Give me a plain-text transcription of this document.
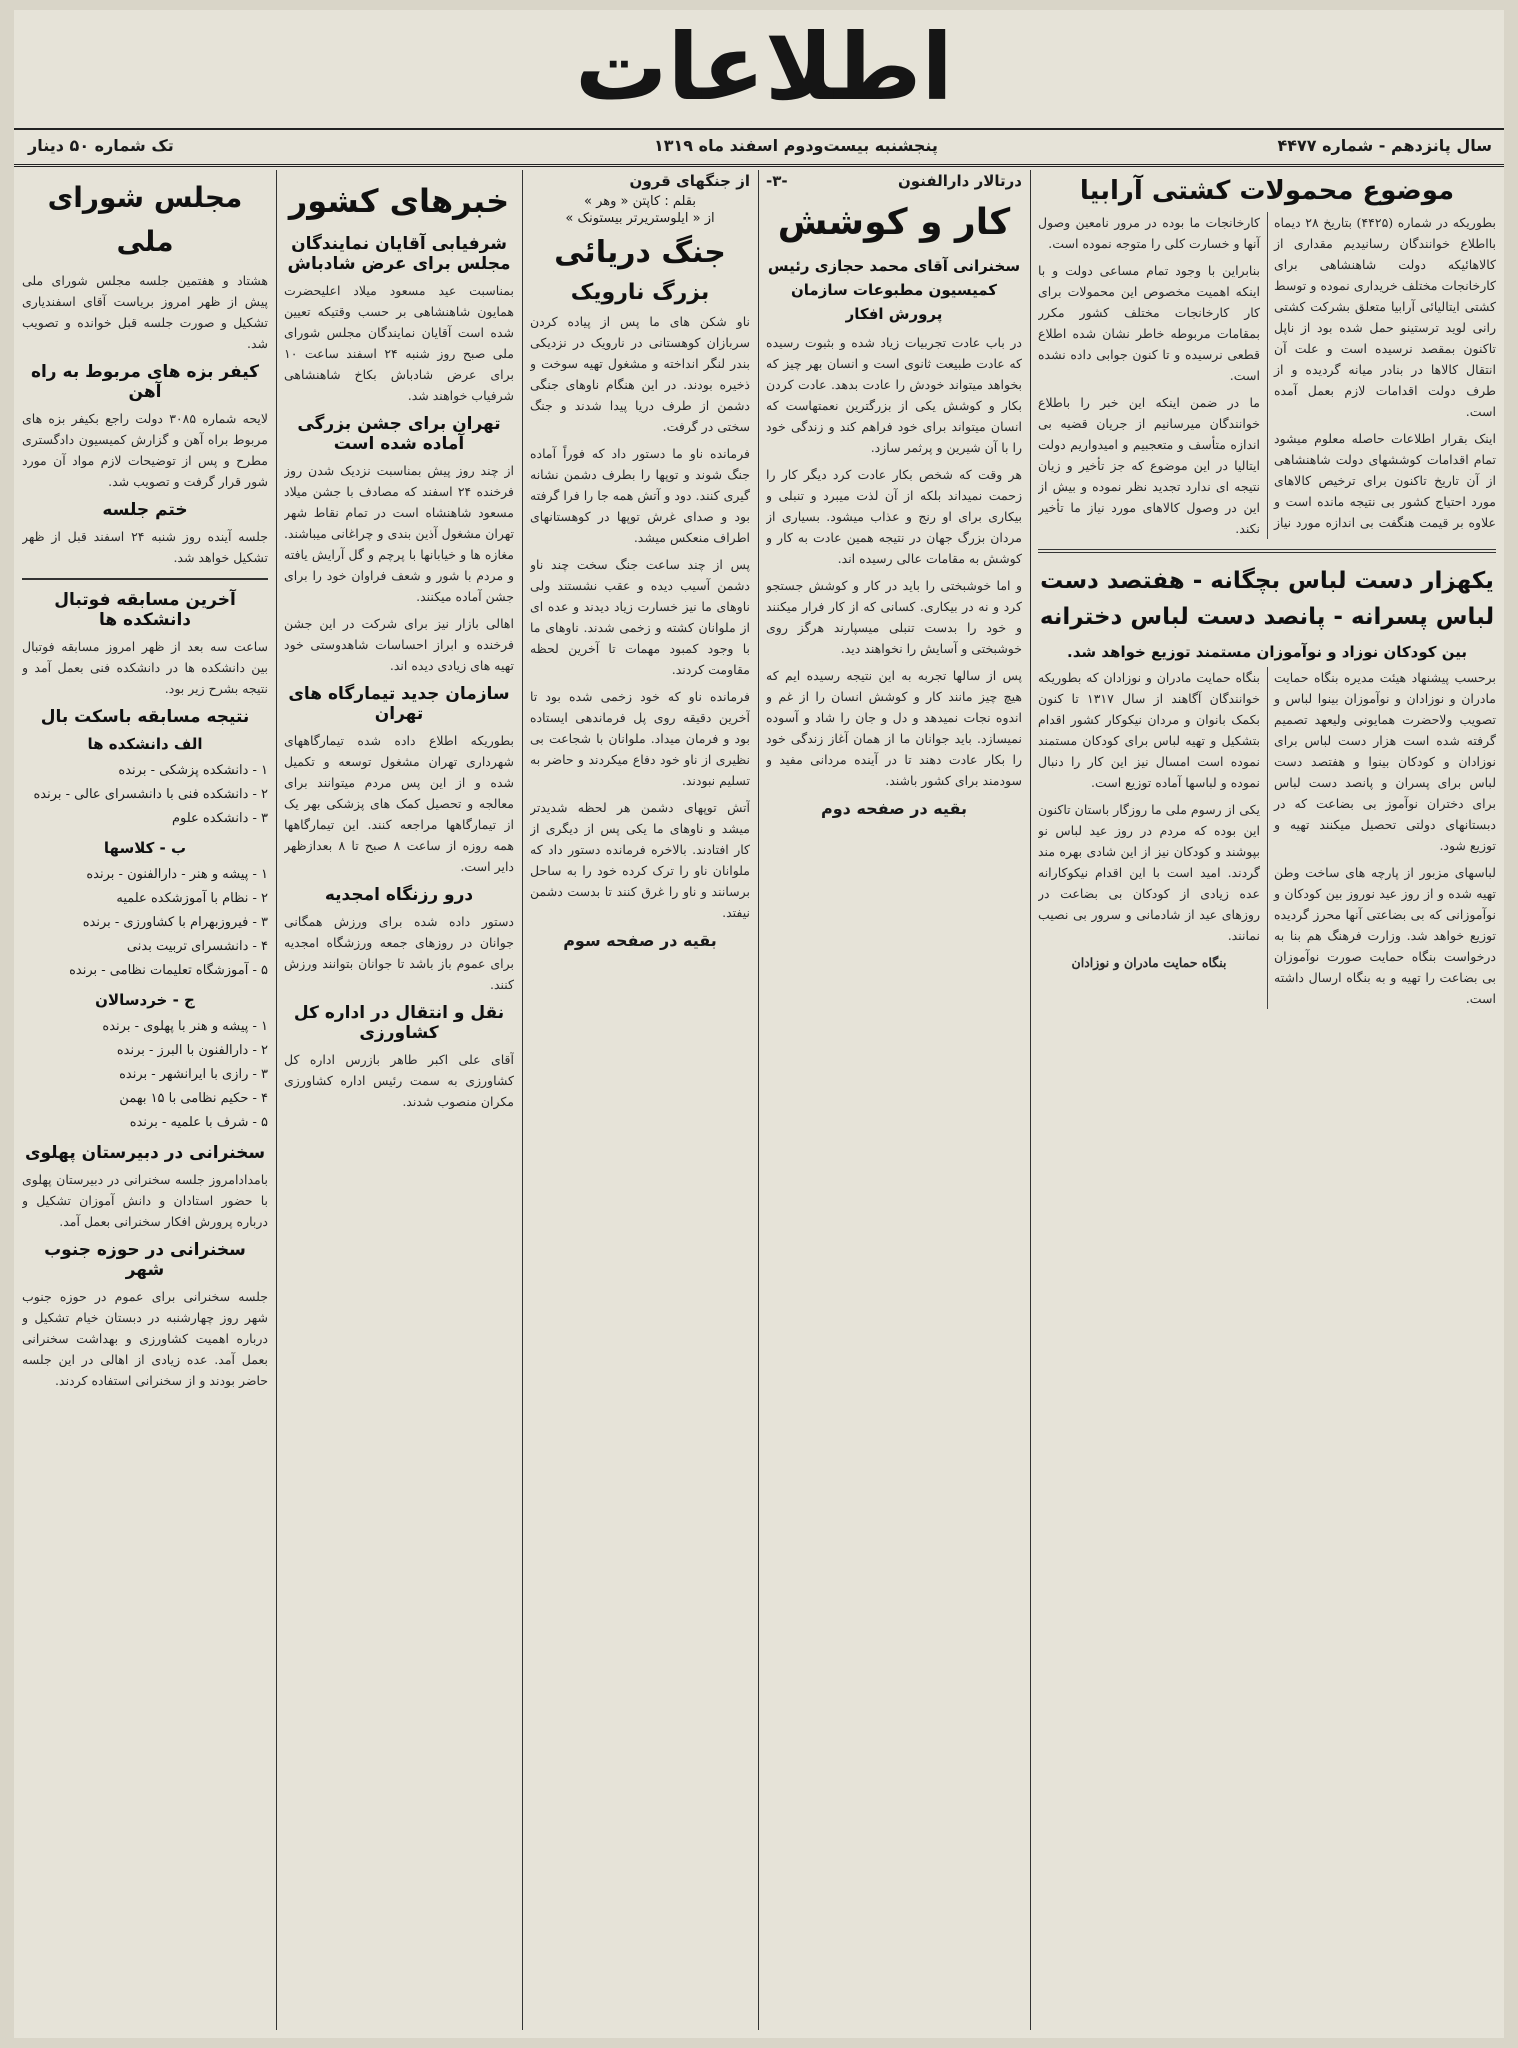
اطلاعات
سال پانزدهم - شماره ۴۴۷۷
پنجشنبه بیست‌ودوم اسفند ماه ۱۳۱۹
تک شماره ۵۰ دینار
موضوع محمولات کشتی آرابیا

بطوریکه در شماره (۴۴۲۵) بتاریخ ۲۸ دیماه بااطلاع خوانندگان رسانیدیم مقداری از کالاهائیکه دولت شاهنشاهی برای کارخانجات مختلف خریداری نموده و توسط کشتی ایتالیائی آرابیا متعلق بشرکت کشتی رانی لوید ترستینو حمل شده بود از ناپل تاکنون بمقصد نرسیده است و علت آن انتقال کالاها در بنادر میانه گردیده و از طرف دولت اقدامات لازم بعمل آمده است.

اینک بقرار اطلاعات حاصله معلوم میشود تمام اقدامات کوششهای دولت شاهنشاهی از آن تاریخ تاکنون برای ترخیص کالاهای مورد احتیاج کشور بی نتیجه مانده است و علاوه بر قیمت هنگفت بی اندازه مورد نیاز کارخانجات ما بوده در مرور نامعین وصول آنها و خسارت کلی را متوجه نموده است.

بنابراین با وجود تمام مساعی دولت و با اینکه اهمیت مخصوص این محمولات برای کار کارخانجات مختلف کشور مکرر بمقامات مربوطه خاطر نشان شده اطلاع قطعی نرسیده و تا کنون جوابی داده نشده است.

ما در ضمن اینکه این خبر را باطلاع خوانندگان میرسانیم از جریان قضیه بی اندازه متأسف و متعجبیم و امیدواریم دولت ایتالیا در این موضوع که جز تأخیر و زیان نتیجه ای ندارد تجدید نظر نموده و بیش از این در وصول کالاهای مورد نیاز ما تأخیر نکند.

یکهزار دست لباس بچگانه - هفتصد دست لباس پسرانه - پانصد دست لباس دخترانه
بین کودکان نوزاد و نوآموزان مستمند توزیع خواهد شد.

برحسب پیشنهاد هیئت مدیره بنگاه حمایت مادران و نوزادان و نوآموزان بینوا لباس و تصویب ولاحضرت همایونی ولیعهد تصمیم گرفته شده است هزار دست لباس برای نوزادان و کودکان بینوا و هفتصد دست لباس برای پسران و پانصد دست لباس برای دختران نوآموز بی بضاعت که در دبستانهای دولتی تحصیل میکنند تهیه و توزیع شود.

لباسهای مزبور از پارچه های ساخت وطن تهیه شده و از روز عید نوروز بین کودکان و نوآموزانی که بی بضاعتی آنها محرز گردیده توزیع خواهد شد. وزارت فرهنگ هم بنا به درخواست بنگاه حمایت صورت نوآموزان بی بضاعت را تهیه و به بنگاه ارسال داشته است.

بنگاه حمایت مادران و نوزادان که بطوریکه خوانندگان آگاهند از سال ۱۳۱۷ تا کنون بکمک بانوان و مردان نیکوکار کشور اقدام بتشکیل و تهیه لباس برای کودکان مستمند نموده است امسال نیز این کار را دنبال نموده و لباسها آماده توزیع است.

یکی از رسوم ملی ما روزگار باستان تاکنون این بوده که مردم در روز عید لباس نو بپوشند و کودکان نیز از این شادی بهره مند گردند. امید است با این اقدام نیکوکارانه عده زیادی از کودکان بی بضاعت در روزهای عید از شادمانی و سرور بی نصیب نمانند.

بنگاه حمایت مادران و نوزادان

درتالار دارالفنون
-۳-
کار و کوشش
سخنرانی آقای محمد حجازی رئیس کمیسیون مطبوعات سازمان پرورش افکار

در باب عادت تجربیات زیاد شده و بثبوت رسیده که عادت طبیعت ثانوی است و انسان بهر چیز که بخواهد میتواند خودش را عادت بدهد. عادت کردن بکار و کوشش یکی از بزرگترین نعمتهاست که انسان میتواند برای خود فراهم کند و زندگی خود را با آن شیرین و پرثمر سازد.

هر وقت که شخص بکار عادت کرد دیگر کار را زحمت نمیداند بلکه از آن لذت میبرد و تنبلی و بیکاری برای او رنج و عذاب میشود. بسیاری از مردان بزرگ جهان در نتیجه همین عادت به کار و کوشش به مقامات عالی رسیده اند.

و اما خوشبختی را باید در کار و کوشش جستجو کرد و نه در بیکاری. کسانی که از کار فرار میکنند و خود را بدست تنبلی میسپارند هرگز روی خوشبختی و آسایش را نخواهند دید.

پس از سالها تجربه به این نتیجه رسیده ایم که هیچ چیز مانند کار و کوشش انسان را از غم و اندوه نجات نمیدهد و دل و جان را شاد و آسوده نمیسازد. باید جوانان ما از همان آغاز زندگی خود را بکار عادت دهند تا در آینده مردانی مفید و سودمند برای کشور باشند.

بقیه در صفحه دوم
از جنگهای قرون
بقلم : کاپتن « وهر »
از « ایلوستریرتر بیستونک »
جنگ دریائی
بزرگ نارویک

ناو شکن های ما پس از پیاده کردن سربازان کوهستانی در نارویک در نزدیکی بندر لنگر انداخته و مشغول تهیه سوخت و ذخیره بودند. در این هنگام ناوهای جنگی دشمن از طرف دریا پیدا شدند و جنگ سختی در گرفت.

فرمانده ناو ما دستور داد که فوراً آماده جنگ شوند و توپها را بطرف دشمن نشانه گیری کنند. دود و آتش همه جا را فرا گرفته بود و صدای غرش توپها در کوهستانهای اطراف منعکس میشد.

پس از چند ساعت جنگ سخت چند ناو دشمن آسیب دیده و عقب نشستند ولی ناوهای ما نیز خسارت زیاد دیدند و عده ای از ملوانان کشته و زخمی شدند. ناوهای ما با وجود کمبود مهمات تا آخرین لحظه مقاومت کردند.

فرمانده ناو که خود زخمی شده بود تا آخرین دقیقه روی پل فرماندهی ایستاده بود و فرمان میداد. ملوانان با شجاعت بی نظیری از ناو خود دفاع میکردند و حاضر به تسلیم نبودند.

آتش توپهای دشمن هر لحظه شدیدتر میشد و ناوهای ما یکی پس از دیگری از کار افتادند. بالاخره فرمانده دستور داد که ملوانان ناو را ترک کرده خود را به ساحل برسانند و ناو را غرق کنند تا بدست دشمن نیفتد.

بقیه در صفحه سوم
خبرهای کشور
شرفیابی آقایان نمایندگان مجلس برای عرض شادباش

بمناسبت عید مسعود میلاد اعلیحضرت همایون شاهنشاهی بر حسب وقتیکه تعیین شده است آقایان نمایندگان مجلس شورای ملی صبح روز شنبه ۲۴ اسفند ساعت ۱۰ برای عرض شادباش بکاخ شاهنشاهی شرفیاب خواهند شد.

تهران برای جشن بزرگی آماده شده است

از چند روز پیش بمناسبت نزدیک شدن روز فرخنده ۲۴ اسفند که مصادف با جشن میلاد مسعود شاهنشاه است در تمام نقاط شهر تهران مشغول آذین بندی و چراغانی میباشند. مغازه ها و خیابانها با پرچم و گل آرایش یافته و مردم با شور و شعف فراوان خود را برای جشن آماده میکنند.

اهالی بازار نیز برای شرکت در این جشن فرخنده و ابراز احساسات شاهدوستی خود تهیه های زیادی دیده اند.

سازمان جدید تیمارگاه های تهران

بطوریکه اطلاع داده شده تیمارگاههای شهرداری تهران مشغول توسعه و تکمیل شده و از این پس مردم میتوانند برای معالجه و تحصیل کمک های پزشکی بهر یک از تیمارگاهها مراجعه کنند. این تیمارگاهها همه روزه از ساعت ۸ صبح تا ۸ بعدازظهر دایر است.

درو رزنگاه امجدیه

دستور داده شده برای ورزش همگانی جوانان در روزهای جمعه ورزشگاه امجدیه برای عموم باز باشد تا جوانان بتوانند ورزش کنند.

نقل و انتقال در اداره کل کشاورزی

آقای علی اکبر طاهر بازرس اداره کل کشاورزی به سمت رئیس اداره کشاورزی مکران منصوب شدند.

مجلس شورای ملی

هشتاد و هفتمین جلسه مجلس شورای ملی پیش از ظهر امروز بریاست آقای اسفندیاری تشکیل و صورت جلسه قبل خوانده و تصویب شد.

کیفر بزه های مربوط به راه آهن

لایحه شماره ۳۰۸۵ دولت راجع بکیفر بزه های مربوط براه آهن و گزارش کمیسیون دادگستری مطرح و پس از توضیحات لازم مواد آن مورد شور قرار گرفت و تصویب شد.

ختم جلسه

جلسه آینده روز شنبه ۲۴ اسفند قبل از ظهر تشکیل خواهد شد.

آخرین مسابقه فوتبال دانشکده ها

ساعت سه بعد از ظهر امروز مسابقه فوتبال بین دانشکده ها در دانشکده فنی بعمل آمد و نتیجه بشرح زیر بود.

نتیجه مسابقه باسکت بال
الف دانشکده ها
۱ - دانشکده پزشکی - برنده
۲ - دانشکده فنی با دانشسرای عالی - برنده
۳ - دانشکده علوم
ب - کلاسها
۱ - پیشه و هنر - دارالفنون - برنده
۲ - نظام با آموزشکده علمیه
۳ - فیروزبهرام با کشاورزی - برنده
۴ - دانشسرای تربیت بدنی
۵ - آموزشگاه تعلیمات نظامی - برنده
ج - خردسالان
۱ - پیشه و هنر با پهلوی - برنده
۲ - دارالفنون با البرز - برنده
۳ - رازی با ایرانشهر - برنده
۴ - حکیم نظامی با ۱۵ بهمن
۵ - شرف با علمیه - برنده
سخنرانی در دبیرستان پهلوی

بامدادامروز جلسه سخنرانی در دبیرستان پهلوی با حضور استادان و دانش آموزان تشکیل و درباره پرورش افکار سخنرانی بعمل آمد.

سخنرانی در حوزه جنوب شهر

جلسه سخنرانی برای عموم در حوزه جنوب شهر روز چهارشنبه در دبستان خیام تشکیل و درباره اهمیت کشاورزی و بهداشت سخنرانی بعمل آمد. عده زیادی از اهالی در این جلسه حاضر بودند و از سخنرانی استفاده کردند.
